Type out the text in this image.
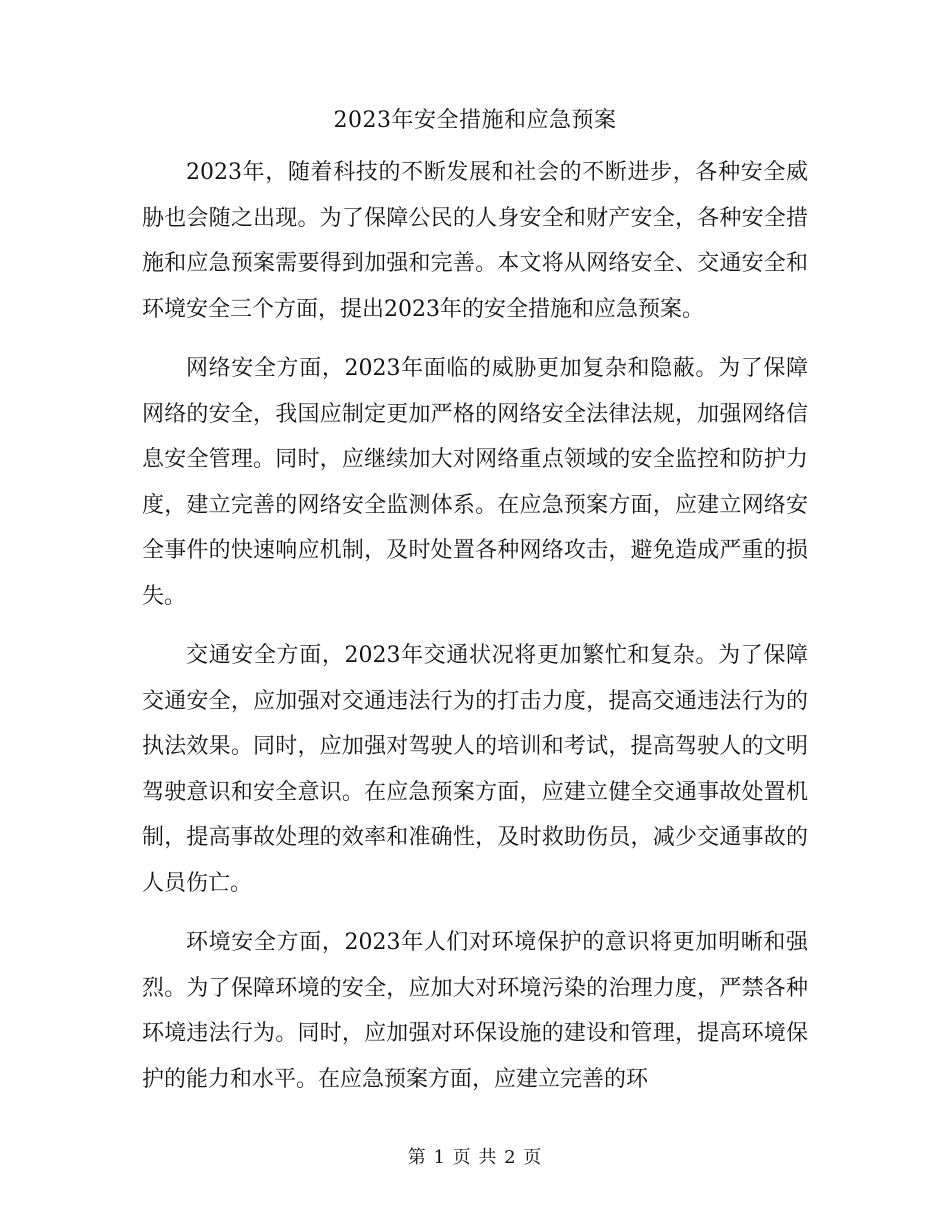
2023年安全措施和应急预案

2023年，随着科技的不断发展和社会的不断进步，各种安全威胁也会随之出现。为了保障公民的人身安全和财产安全，各种安全措施和应急预案需要得到加强和完善。本文将从网络安全、交通安全和环境安全三个方面，提出2023年的安全措施和应急预案。

网络安全方面，2023年面临的威胁更加复杂和隐蔽。为了保障网络的安全，我国应制定更加严格的网络安全法律法规，加强网络信息安全管理。同时，应继续加大对网络重点领域的安全监控和防护力度，建立完善的网络安全监测体系。在应急预案方面，应建立网络安全事件的快速响应机制，及时处置各种网络攻击，避免造成严重的损失。

交通安全方面，2023年交通状况将更加繁忙和复杂。为了保障交通安全，应加强对交通违法行为的打击力度，提高交通违法行为的执法效果。同时，应加强对驾驶人的培训和考试，提高驾驶人的文明驾驶意识和安全意识。在应急预案方面，应建立健全交通事故处置机制，提高事故处理的效率和准确性，及时救助伤员，减少交通事故的人员伤亡。

环境安全方面，2023年人们对环境保护的意识将更加明晰和强烈。为了保障环境的安全，应加大对环境污染的治理力度，严禁各种环境违法行为。同时，应加强对环保设施的建设和管理，提高环境保护的能力和水平。在应急预案方面，应建立完善的环

第 1 页 共 2 页
